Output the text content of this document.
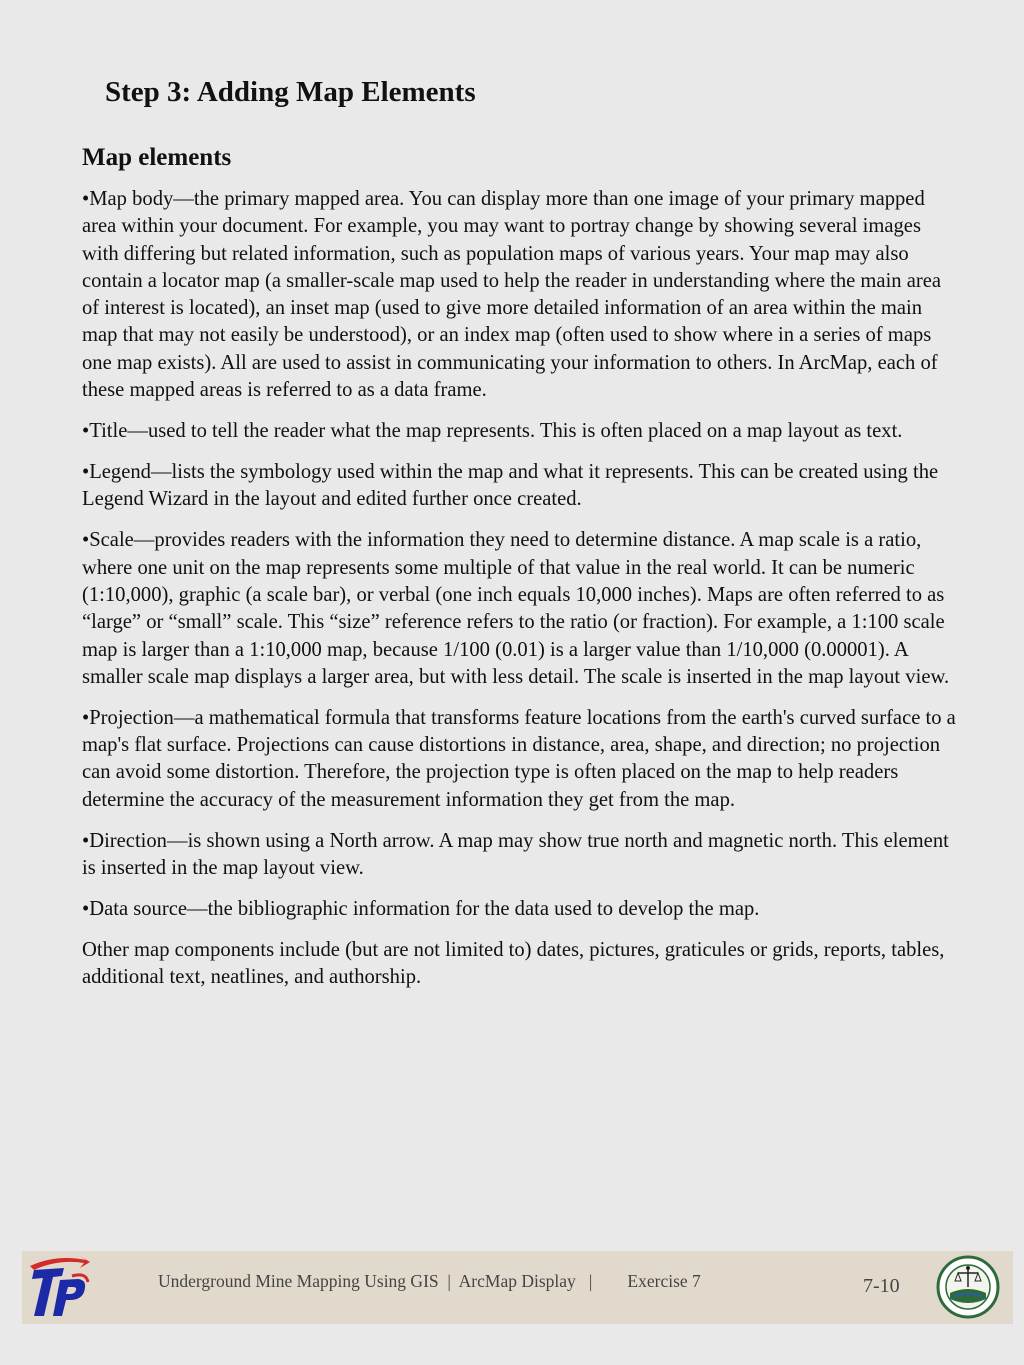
Step 3: Adding Map Elements
Map elements

•Map body—the primary mapped area. You can display more than one image of your primary mapped area within your document. For example, you may want to portray change by showing several images with differing but related information, such as population maps of various years. Your map may also contain a locator map (a smaller-scale map used to help the reader in understanding where the main area of interest is located), an inset map (used to give more detailed information of an area within the main map that may not easily be understood), or an index map (often used to show where in a series of maps one map exists). All are used to assist in communicating your information to others. In ArcMap, each of these mapped areas is referred to as a data frame.

•Title—used to tell the reader what the map represents. This is often placed on a map layout as text.

•Legend—lists the symbology used within the map and what it represents. This can be created using the Legend Wizard in the layout and edited further once created.

•Scale—provides readers with the information they need to determine distance. A map scale is a ratio, where one unit on the map represents some multiple of that value in the real world. It can be numeric (1:10,000), graphic (a scale bar), or verbal (one inch equals 10,000 inches). Maps are often referred to as “large” or “small” scale. This “size” reference refers to the ratio (or fraction). For example, a 1:100 scale map is larger than a 1:10,000 map, because 1/100 (0.01) is a larger value than 1/10,000 (0.00001). A smaller scale map displays a larger area, but with less detail. The scale is inserted in the map layout view.

•Projection—a mathematical formula that transforms feature locations from the earth's curved surface to a map's flat surface. Projections can cause distortions in distance, area, shape, and direction; no projection can avoid some distortion. Therefore, the projection type is often placed on the map to help readers determine the accuracy of the measurement information they get from the map.

•Direction—is shown using a North arrow. A map may show true north and magnetic north. This element is inserted in the map layout view.

•Data source—the bibliographic information for the data used to develop the map.

Other map components include (but are not limited to) dates, pictures, graticules or grids, reports, tables, additional text, neatlines, and authorship.

Underground Mine Mapping Using GIS  |  ArcMap Display   |        Exercise 7	7-10
